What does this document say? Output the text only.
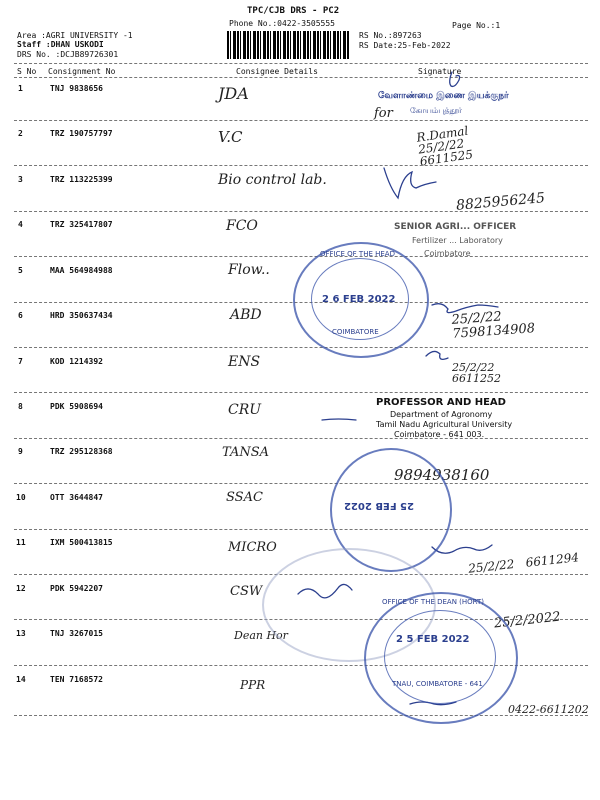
TPC/CJB DRS - PC2
Phone No.:0422-3505555
Area :AGRI UNIVERSITY -1
Staff :DHAN USKODI
DRS No. :DCJB89726301
RS No.:897263
RS Date:25-Feb-2022
Page No.:1
S No Consignment No	Consignee Details	Signature
1	TNJ 9838656	JDA
for
2	TRZ 190757797	V.C	R.Damal
25/2/22
6611525
3	TRZ 113225399	Bio control lab.
8825956245
4	TRZ 325417807	FCO
5	MAA 564984988	Flow..
6	HRD 350637434	ABD	25/2/22
7598134908
7	KOD 1214392	ENS	25/2/22
6611252
8	PDK 5908694	CRU
9	TRZ 295128368	TANSA
9894938160
10	OTT 3644847	SSAC
11	IXM 500413815	MICRO
25/2/22   6611294
12	PDK 5942207	CSW
25/2/2022
13	TNJ 3267015	Dean Hor
14	TEN 7168572	PPR
0422-6611202
வேளாண்மை இணை இயக்குநர்
கோயம்புத்தூர்
SENIOR AGRI... OFFICER
Fertilizer ... Laboratory
Coimbatore
OFFICE OF THE HEAD
2 6 FEB 2022
COIMBATORE
PROFESSOR AND HEAD
Department of Agronomy
Tamil Nadu Agricultural University
Coimbatore - 641 003.
25 FEB 2022
OFFICE OF THE DEAN (HORT)
2 5 FEB 2022
TNAU, COIMBATORE - 641
